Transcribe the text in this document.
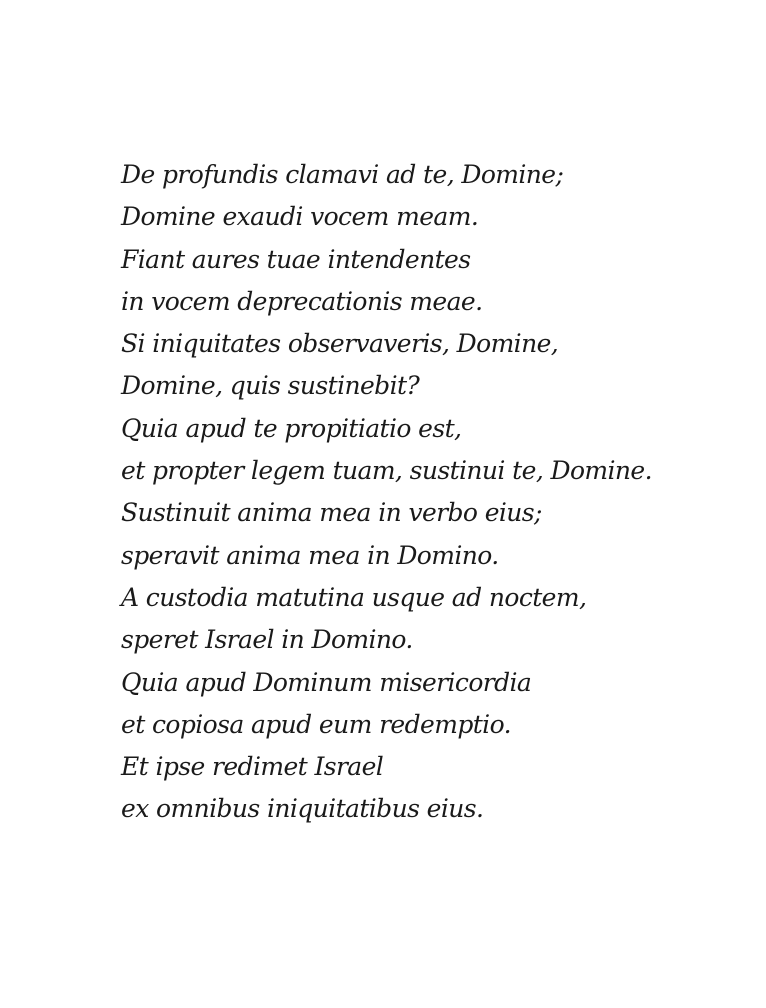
De profundis clamavi ad te, Domine;
Domine exaudi vocem meam.
Fiant aures tuae intendentes
in vocem deprecationis meae.
Si iniquitates observaveris, Domine,
Domine, quis sustinebit?
Quia apud te propitiatio est,
et propter legem tuam, sustinui te, Domine.
Sustinuit anima mea in verbo eius;
speravit anima mea in Domino.
A custodia matutina usque ad noctem,
speret Israel in Domino.
Quia apud Dominum misericordia
et copiosa apud eum redemptio.
Et ipse redimet Israel
ex omnibus iniquitatibus eius.
